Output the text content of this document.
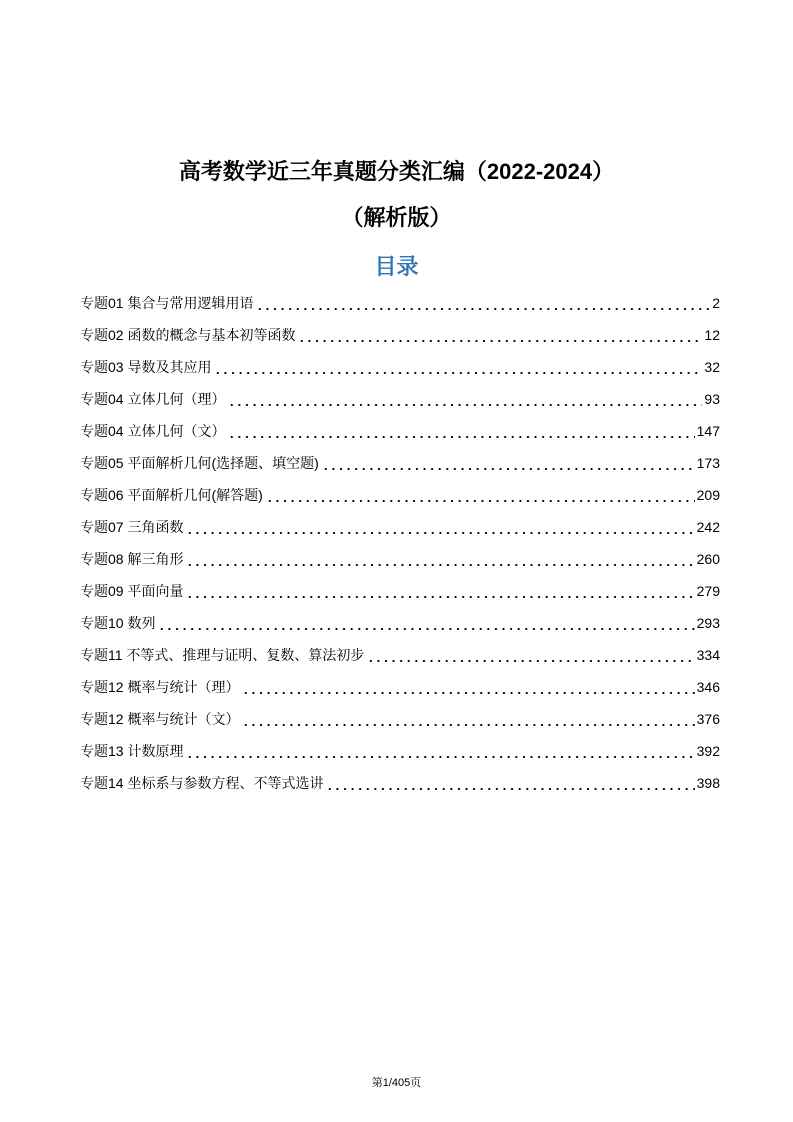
高考数学近三年真题分类汇编（2022-2024）
（解析版）
目录
专题01 集合与常用逻辑用语	2
专题02 函数的概念与基本初等函数	12
专题03 导数及其应用	32
专题04 立体几何（理）	93
专题04 立体几何（文）	147
专题05 平面解析几何(选择题、填空题)	173
专题06 平面解析几何(解答题)	209
专题07 三角函数	242
专题08 解三角形	260
专题09 平面向量	279
专题10 数列	293
专题11 不等式、推理与证明、复数、算法初步	334
专题12 概率与统计（理）	346
专题12 概率与统计（文）	376
专题13 计数原理	392
专题14 坐标系与参数方程、不等式选讲	398
第1/405页
